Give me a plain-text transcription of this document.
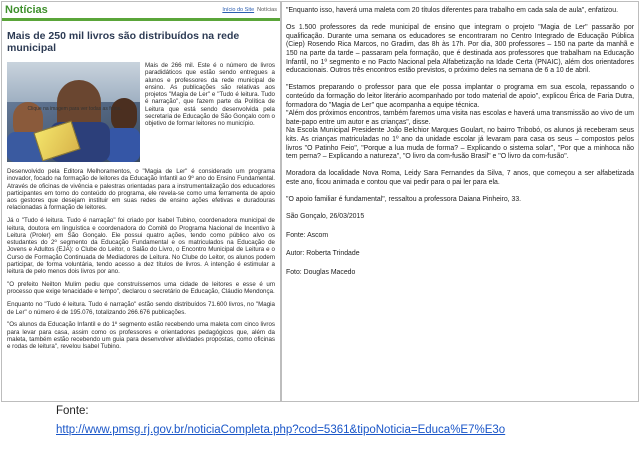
Notícias	Início do Site Notícias
Mais de 250 mil livros são distribuídos na rede municipal
Clique na imagem para ver todas as fotos.
Mais de 266 mil. Este é o número de livros paradidáticos que estão sendo entregues a alunos e professores da rede municipal de ensino. As publicações são relativas aos projetos "Magia de Ler" e "Tudo é leitura. Tudo é narração", que fazem parte da Política de Leitura que está sendo desenvolvida pela secretaria de Educação de São Gonçalo com o objetivo de formar leitores no município.

Desenvolvido pela Editora Melhoramentos, o "Magia de Ler" é considerado um programa inovador, focado na formação de leitores da Educação Infantil ao 9º ano do Ensino Fundamental. Através de oficinas de vivência e palestras orientadas para a instrumentalização dos educadores participantes em torno do conteúdo do programa, ele revela-se como uma ferramenta de apoio aos gestores que desejam instituir em suas redes de ensino ações efetivas e duradouras relacionadas à formação de leitores.

Já o "Tudo é leitura. Tudo é narração" foi criado por Isabel Tubino, coordenadora municipal de leitura, doutora em linguística e coordenadora do Comitê do Programa Nacional de Incentivo à Leitura (Proler) em São Gonçalo. Ele possui quatro ações, tendo como público alvo os estudantes do 2º segmento da Educação Fundamental e os matriculados na Educação de Jovens e Adultos (EJA): o Clube do Leitor, o Salão do Livro, o Encontro Municipal de Leitura e o Curso de Formação Continuada de Mediadores de Leitura. No Clube do Leitor, os alunos podem participar, de forma voluntária, tendo acesso a dez títulos de livros. A intenção é estimular a leitura de pelo menos dois livros por ano.

"O prefeito Neilton Mulim pediu que construíssemos uma cidade de leitores e esse é um processo que exige tenacidade e tempo", declarou o secretário de Educação, Cláudio Mendonça.

Enquanto no "Tudo é leitura. Tudo é narração" estão sendo distribuídos 71.600 livros, no "Magia de Ler" o número é de 195.076, totalizando 266.676 publicações.

"Os alunos da Educação Infantil e do 1º segmento estão recebendo uma maleta com cinco livros para levar para casa, assim como os professores e orientadores pedagógicos que, além da maleta, também estão recebendo um guia para desenvolver atividades propostas, como oficinas e rodas de leitura", revelou Isabel Tubino.

"Enquanto isso, haverá uma maleta com 20 títulos diferentes para trabalho em cada sala de aula", enfatizou.

Os 1.500 professores da rede municipal de ensino que integram o projeto "Magia de Ler" passarão por qualificação. Durante uma semana os educadores se encontraram no Centro Integrado de Educação Pública (Ciep) Rosendo Rica Marcos, no Gradim, das 8h às 17h. Por dia, 300 professores – 150 na parte da manhã e 150 na parte da tarde – passaram pela formação, que é destinada aos professores que trabalham na Educação Infantil, no 1º segmento e no Pacto Nacional pela Alfabetização na Idade Certa (PNAIC), além dos orientadores educacionais. Outros três encontros estão previstos, o próximo deles na semana de 6 a 10 de abril.

"Estamos preparando o professor para que ele possa implantar o programa em sua escola, repassando o conteúdo da formação do leitor literário acompanhado por todo material de apoio", explicou Érica de Faria Dutra, formadora do "Magia de Ler" que acompanha a equipe técnica.

"Além dos próximos encontros, também faremos uma visita nas escolas e haverá uma transmissão ao vivo de um bate-papo entre um autor e as crianças", disse.

Na Escola Municipal Presidente João Belchior Marques Goulart, no bairro Tribobó, os alunos já receberam seus kits. As crianças matriculadas no 1º ano da unidade escolar já levaram para casa os seus – compostos pelos livros "O Patinho Feio", "Porque a lua muda de forma? – Explicando o sistema solar", "Por que a minhoca não tem perna? – Explicando a natureza", "O livro da com-fusão Brasil" e "O livro da com-fusão".

Moradora da localidade Nova Roma, Leidy Sara Fernandes da Silva, 7 anos, que começou a ser alfabetizada este ano, ficou animada e contou que vai pedir para o pai ler para ela.

"O apoio familiar é fundamental", ressaltou a professora Daiana Pinheiro, 33.

São Gonçalo, 26/03/2015

Fonte: Ascom

Autor: Roberta Trindade

Foto: Douglas Macedo

Fonte:
http://www.pmsg.rj.gov.br/noticiaCompleta.php?cod=5361&tipoNoticia=Educa%E7%E3o
